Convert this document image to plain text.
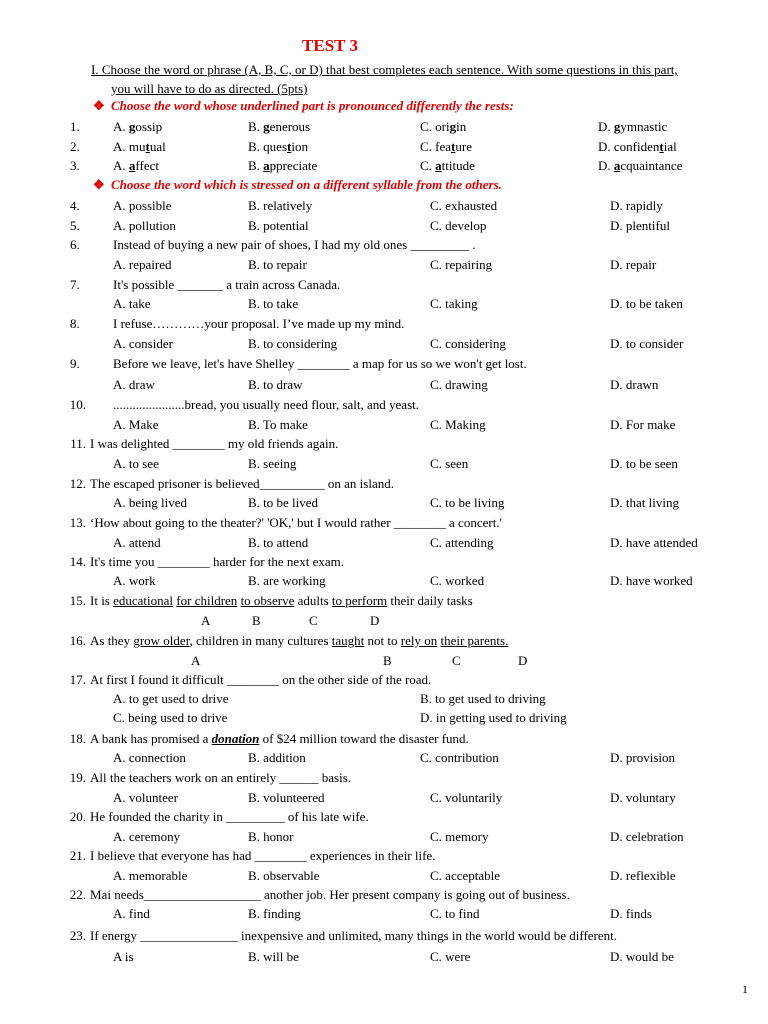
TEST 3
I. Choose the word or phrase (A, B, C, or D) that best completes each sentence. With some questions in this part,
you will have to do as directed. (5pts)
❖ Choose the word whose underlined part is pronounced differently the rests:
❖ Choose the word which is stressed on a different syllable from the others.
1.	A. gossip	B. generous	C. origin	D. gymnastic
2.	A. mutual	B. question	C. feature	D. confidential
3.	A. affect	B. appreciate	C. attitude	D. acquaintance
4.	A. possible	B. relatively	C. exhausted	D. rapidly
5.	A. pollution	B. potential	C. develop	D. plentiful
6.	Instead of buying a new pair of shoes, I had my old ones _________ .
A. repaired	B. to repair	C. repairing	D. repair
7.	It's possible _______ a train across Canada.
A. take	B. to take	C. taking	D. to be taken
8.	I refuse…………your proposal. I’ve made up my mind.
A. consider	B. to considering	C. considering	D. to consider
9.	Before we leave, let's have Shelley ________ a map for us so we won't get lost.
A. draw	B. to draw	C. drawing	D. drawn
10. ......................bread, you usually need flour, salt, and yeast.
A. Make	B. To make	C. Making	D. For make
11. I was delighted ________ my old friends again.
A. to see	B. seeing	C. seen	D. to be seen
12. The escaped prisoner is believed__________ on an island.
A. being lived	B. to be lived	C. to be living	D. that living
13. ‘How about going to the theater?' 'OK,' but I would rather ________ a concert.'
A. attend	B. to attend	C. attending	D. have attended
14. It's time you ________ harder for the next exam.
A. work	B. are working	C. worked	D. have worked
17. At first I found it difficult ________ on the other side of the road.
A. to get used to drive	B. to get used to driving
C. being used to drive	D. in getting used to driving
19. All the teachers work on an entirely ______ basis.
A. volunteer	B. volunteered	C. voluntarily	D. voluntary
20. He founded the charity in _________ of his late wife.
A. ceremony	B. honor	C. memory	D. celebration
21. I believe that everyone has had ________ experiences in their life.
A. memorable	B. observable	C. acceptable	D. reflexible
22. Mai needs__________________ another job. Her present company is going out of business.
A. find	B. finding	C. to find	D. finds
23. If energy _______________ inexpensive and unlimited, many things in the world would be different.
A is	B. will be	C. were	D. would be
15. It is educational for children to observe adults to perform their daily tasks
A	B	C	D
16. As they grow older, children in many cultures taught not to rely on their parents.
A	B	C	D
18. A bank has promised a donation of $24 million toward the disaster fund.
A. connection	B. addition	C. contribution	D. provision
1
